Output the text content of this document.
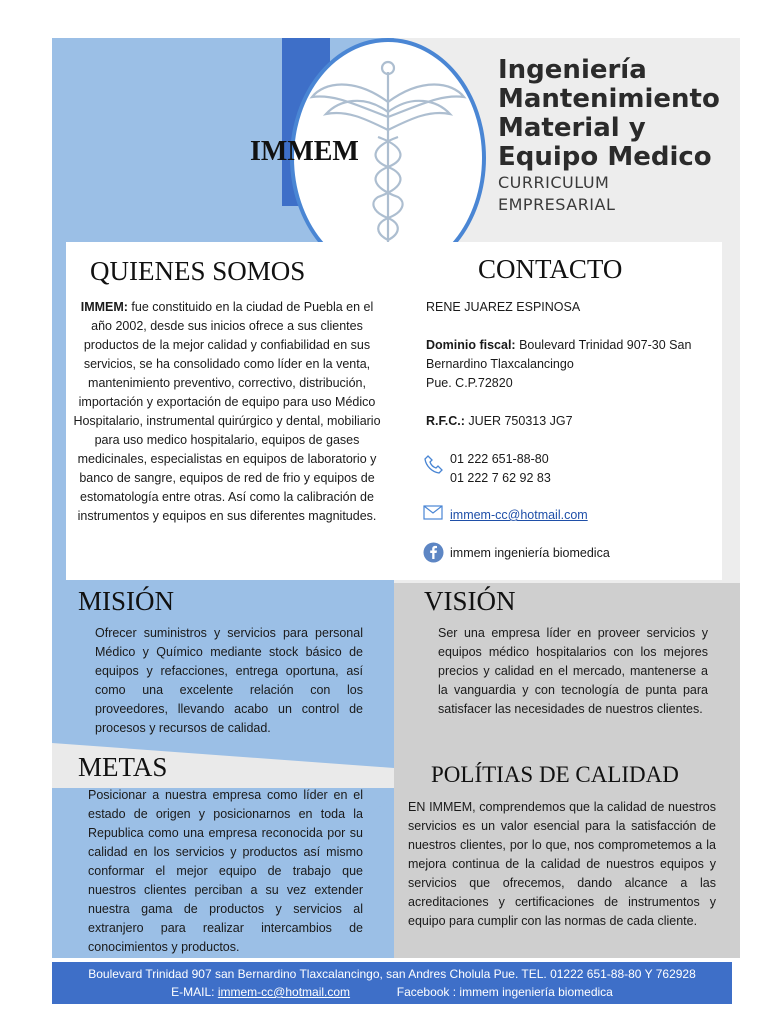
IMMEM
Ingeniería
Mantenimiento
Material y
Equipo Medico
CURRICULUM
EMPRESARIAL
QUIENES SOMOS
IMMEM: fue constituido en la ciudad de Puebla en el año 2002, desde sus inicios ofrece a sus clientes productos de la mejor calidad y confiabilidad en sus servicios, se ha consolidado como líder en la venta, mantenimiento preventivo, correctivo, distribución, importación y exportación de equipo para uso Médico Hospitalario, instrumental quirúrgico y dental, mobiliario para uso medico hospitalario, equipos de gases medicinales, especialistas en equipos de laboratorio y banco de sangre, equipos de red de frio y equipos de estomatología entre otras. Así como la calibración de instrumentos y equipos en sus diferentes magnitudes.
CONTACTO
RENE JUAREZ ESPINOSA
Dominio fiscal: Boulevard Trinidad 907-30 San Bernardino Tlaxcalancingo
Pue. C.P.72820
R.F.C.: JUER 750313 JG7
01 222 651-88-80
01 222 7 62 92 83
immem-cc@hotmail.com
immem ingeniería biomedica
MISIÓN
Ofrecer suministros y servicios para personal Médico y Químico mediante stock básico de equipos y refacciones, entrega oportuna, así como una excelente relación con los proveedores, llevando acabo un control de procesos y recursos de calidad.
VISIÓN
Ser una empresa líder en proveer servicios y equipos médico hospitalarios con los mejores precios y calidad en el mercado, mantenerse a la vanguardia y con tecnología de punta para satisfacer las necesidades de nuestros clientes.
METAS
Posicionar a nuestra empresa como líder en el estado de origen y posicionarnos en toda la Republica como una empresa reconocida por su calidad en los servicios y productos así mismo conformar el mejor equipo de trabajo que nuestros clientes perciban a su vez extender nuestra gama de productos y servicios al extranjero para realizar intercambios de conocimientos y productos.
POLÍTIAS DE CALIDAD
EN IMMEM, comprendemos que la calidad de nuestros servicios es un valor esencial para la satisfacción de nuestros clientes, por lo que, nos comprometemos a la mejora continua de la calidad de nuestros equipos y servicios que ofrecemos, dando alcance a las acreditaciones y certificaciones de instrumentos y equipo para cumplir con las normas de cada cliente.
Boulevard Trinidad 907 san Bernardino Tlaxcalancingo, san Andres Cholula Pue. TEL. 01222 651-88-80 Y 762928
E-MAIL: immem-cc@hotmail.com	Facebook : immem ingeniería biomedica
